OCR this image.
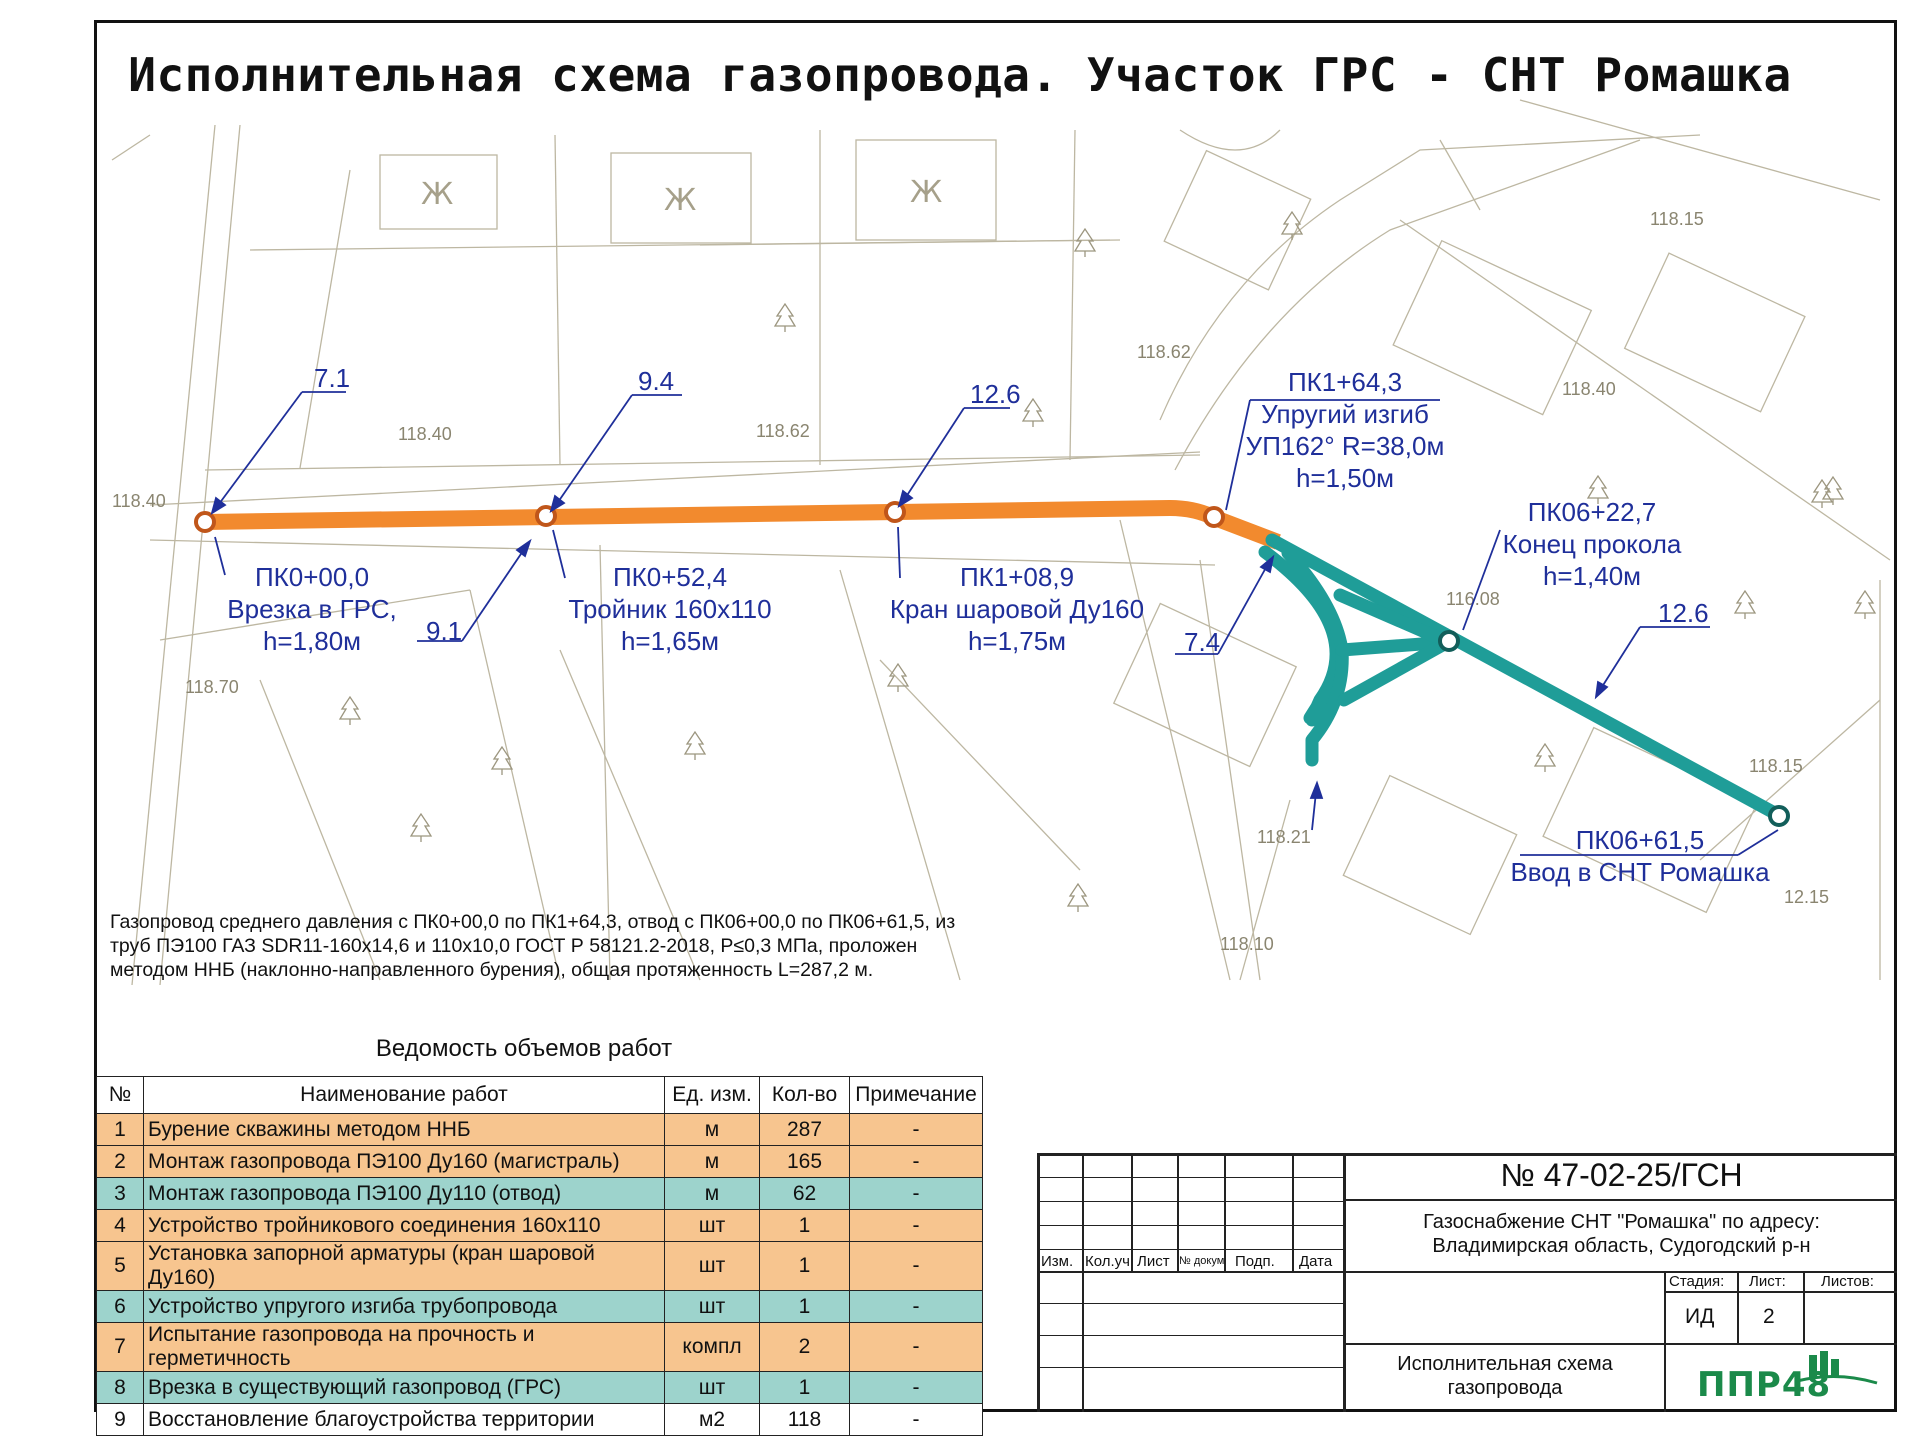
Исполнительная схема газопровода. Участок ГРС - СНТ Ромашка
118.40
118.40	118.62
118.62
118.15
118.40
118.70
116.08
118.15
118.21
118.10
12.15
Ж	Ж	Ж
7.1	9.4	12.6
9.1	7.4
12.6
ПК0+00,0
Врезка в ГРС,
h=1,80м
ПК0+52,4
Тройник 160х110
h=1,65м
ПК1+08,9
Кран шаровой Ду160
h=1,75м
ПК1+64,3
Упругий изгиб
УП162° R=38,0м
h=1,50м
ПК06+22,7
Конец прокола
h=1,40м
ПК06+61,5
Ввод в СНТ Ромашка
Газопровод среднего давления с ПК0+00,0 по ПК1+64,3, отвод с ПК06+00,0 по ПК06+61,5, из труб ПЭ100 ГАЗ SDR11-160х14,6 и 110х10,0 ГОСТ Р 58121.2-2018, Р≤0,3 МПа, проложен методом ННБ (наклонно-направленного бурения), общая протяженность L=287,2 м.
Ведомость объемов работ
№	Наименование работ	Ед. изм.	Кол-во	Примечание
1	Бурение скважины методом ННБ	м	287	-
2	Монтаж газопровода ПЭ100 Ду160 (магистраль)	м	165	-
3	Монтаж газопровода ПЭ100 Ду110 (отвод)	м	62	-
4	Устройство тройникового соединения 160х110	шт	1	-
5	Установка запорной арматуры (кран шаровой Ду160)	шт	1	-
6	Устройство упругого изгиба трубопровода	шт	1	-
7	Испытание газопровода на прочность и герметичность	компл	2	-
8	Врезка в существующий газопровод (ГРС)	шт	1	-
9	Восстановление благоустройства территории	м2	118	-
Изм. Кол.уч Лист № докум Подп. Дата
№ 47-02-25/ГСН
Газоснабжение СНТ "Ромашка" по адресу:
Владимирская область, Судогодский р-н
Стадия: Лист: Листов:
ИД 2
Исполнительная схема
газопровода	ППР48
